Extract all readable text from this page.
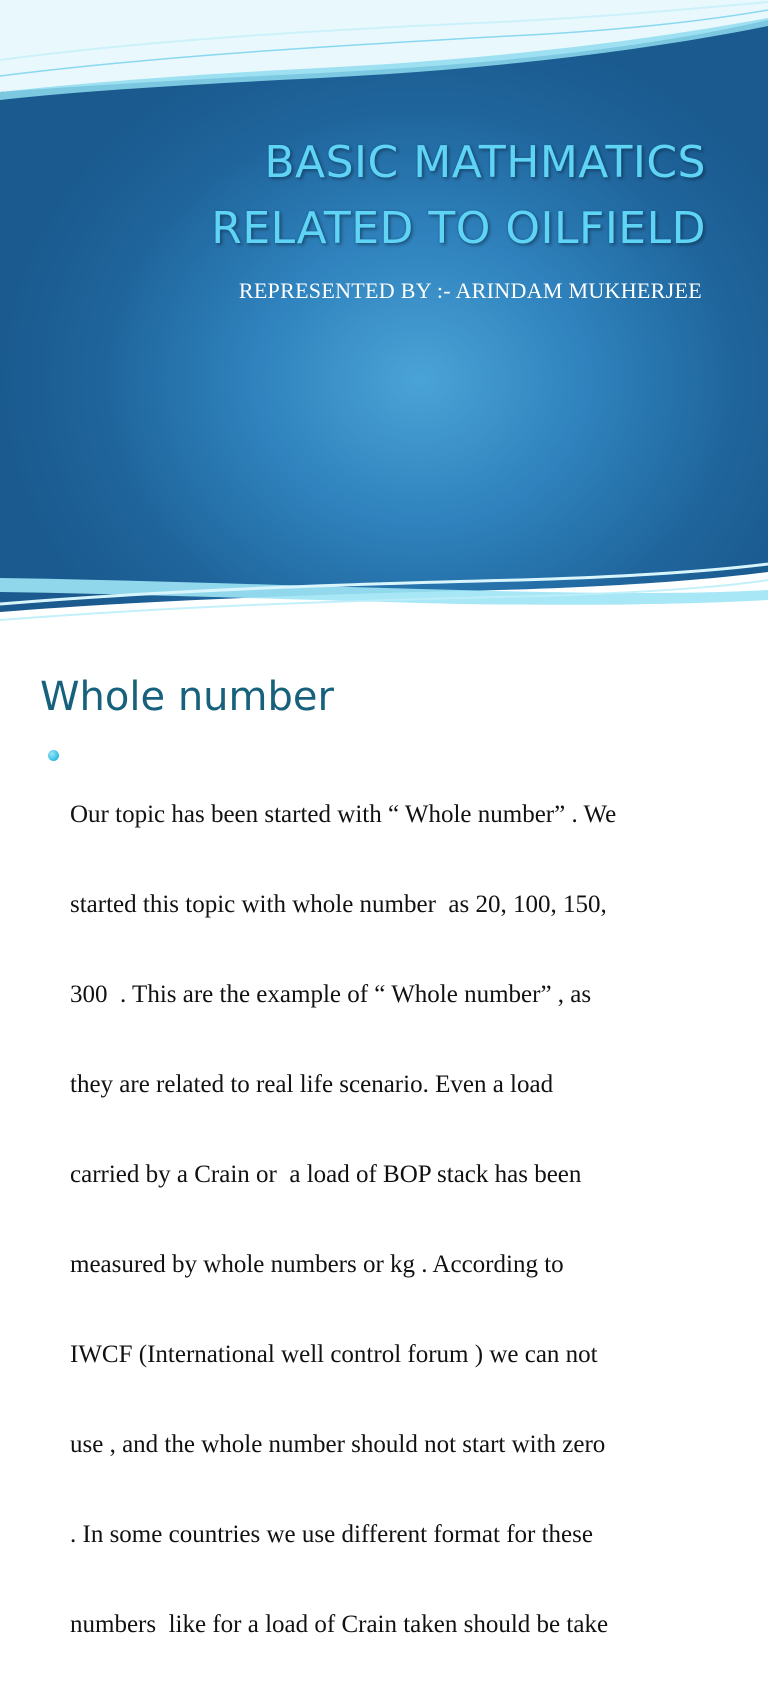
BASIC MATHMATICS
RELATED TO OILFIELD
REPRESENTED BY :- ARINDAM MUKHERJEE
Whole number

Our topic has been started with “ Whole number” . We

started this topic with whole number  as 20, 100, 150,

300  . This are the example of “ Whole number” , as

they are related to real life scenario. Even a load

carried by a Crain or  a load of BOP stack has been

measured by whole numbers or kg . According to

IWCF (International well control forum ) we can not

use , and the whole number should not start with zero

. In some countries we use different format for these

numbers  like for a load of Crain taken should be take
